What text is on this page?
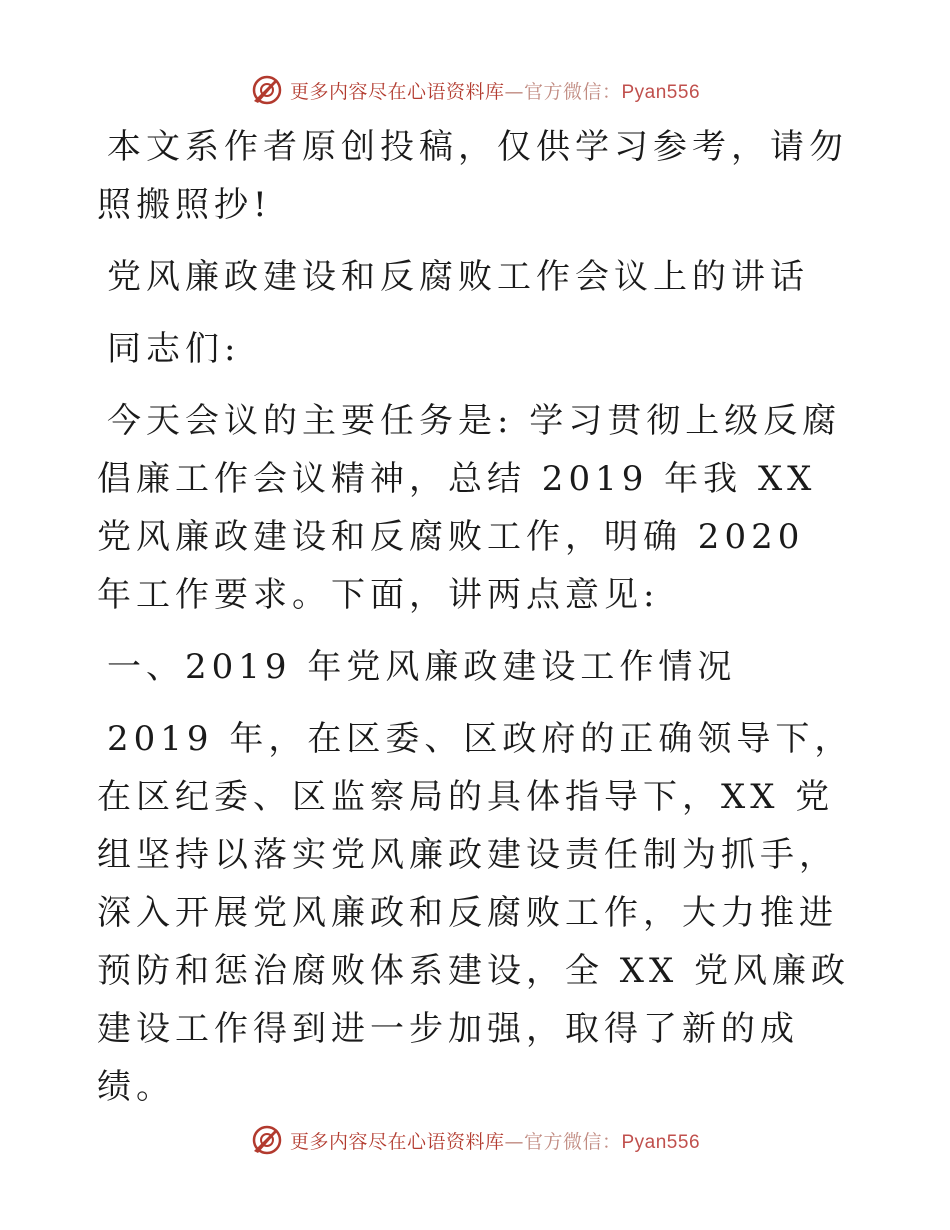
更多内容尽在心语资料库—官方微信：Pyan556

本文系作者原创投稿，仅供学习参考，请勿照搬照抄!

党风廉政建设和反腐败工作会议上的讲话

同志们:

今天会议的主要任务是: 学习贯彻上级反腐倡廉工作会议精神，总结 2019 年我 XX 党风廉政建设和反腐败工作，明确 2020 年工作要求。下面，讲两点意见:

一、2019 年党风廉政建设工作情况

2019 年，在区委、区政府的正确领导下，在区纪委、区监察局的具体指导下，XX 党组坚持以落实党风廉政建设责任制为抓手，深入开展党风廉政和反腐败工作，大力推进预防和惩治腐败体系建设，全 XX 党风廉政建设工作得到进一步加强，取得了新的成绩。

更多内容尽在心语资料库—官方微信：Pyan556
